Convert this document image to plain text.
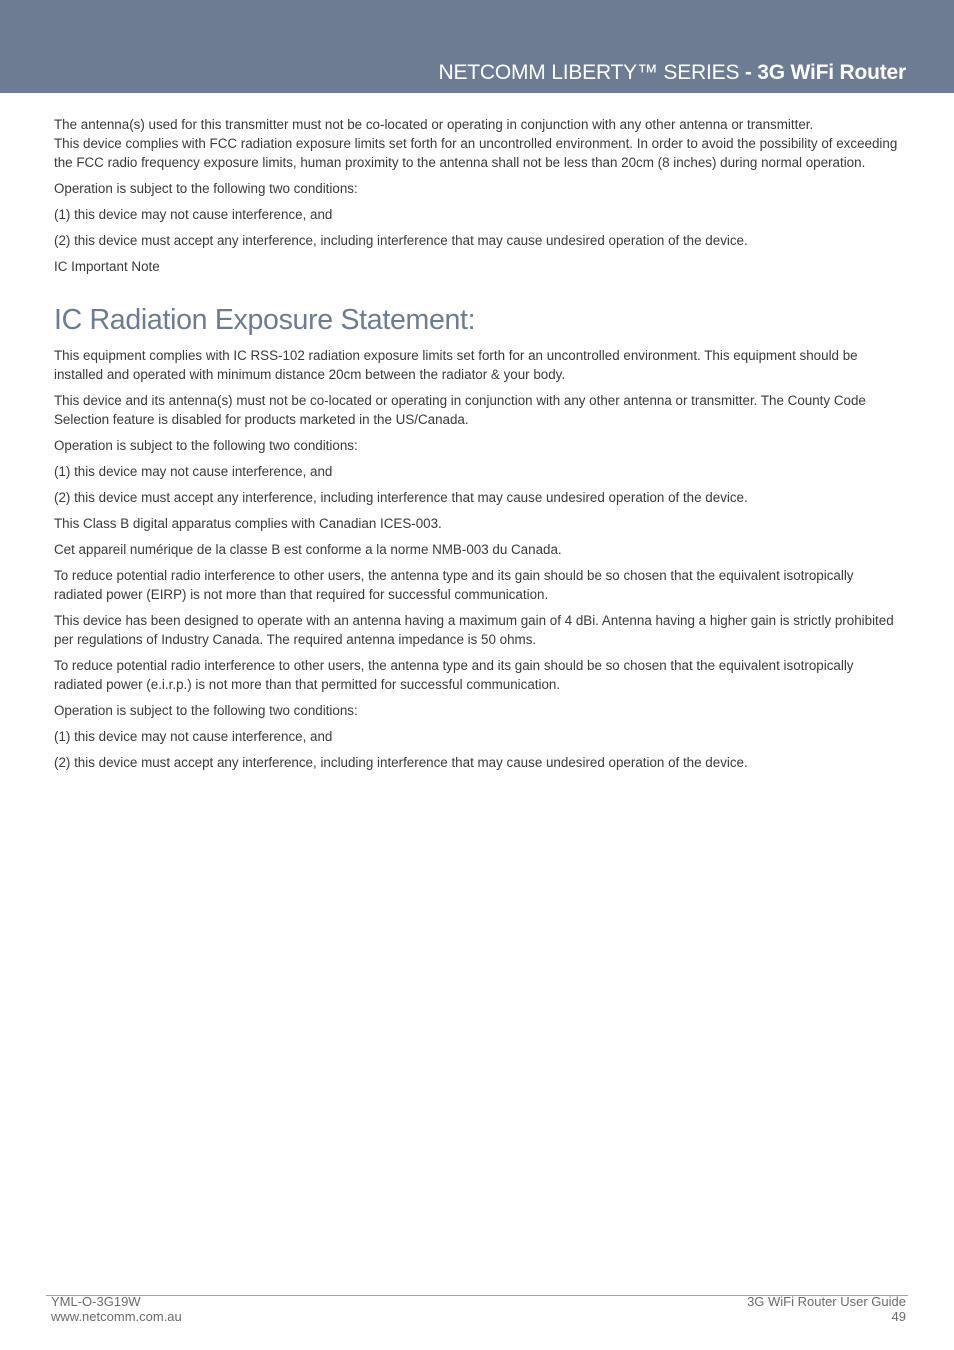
NETCOMM LIBERTY™ SERIES - 3G WiFi Router

The antenna(s) used for this transmitter must not be co-located or operating in conjunction with any other antenna or transmitter.

This device complies with FCC radiation exposure limits set forth for an uncontrolled environment. In order to avoid the possibility of exceeding the FCC radio frequency exposure limits, human proximity to the antenna shall not be less than 20cm (8 inches) during normal operation.

Operation is subject to the following two conditions:

(1) this device may not cause interference, and

(2) this device must accept any interference, including interference that may cause undesired operation of the device.

IC Important Note

IC Radiation Exposure Statement:

This equipment complies with IC RSS-102 radiation exposure limits set forth for an uncontrolled environment. This equipment should be installed and operated with minimum distance 20cm between the radiator & your body.

This device and its antenna(s) must not be co-located or operating in conjunction with any other antenna or transmitter. The County Code Selection feature is disabled for products marketed in the US/Canada.

Operation is subject to the following two conditions:

(1) this device may not cause interference, and

(2) this device must accept any interference, including interference that may cause undesired operation of the device.

This Class B digital apparatus complies with Canadian ICES-003.

Cet appareil numérique de la classe B est conforme a la norme NMB-003 du Canada.

To reduce potential radio interference to other users, the antenna type and its gain should be so chosen that the equivalent isotropically radiated power (EIRP) is not more than that required for successful communication.

This device has been designed to operate with an antenna having a maximum gain of 4 dBi. Antenna having a higher gain is strictly prohibited per regulations of Industry Canada. The required antenna impedance is 50 ohms.

To reduce potential radio interference to other users, the antenna type and its gain should be so chosen that the equivalent isotropically radiated power (e.i.r.p.) is not more than that permitted for successful communication.

Operation is subject to the following two conditions:

(1) this device may not cause interference, and

(2) this device must accept any interference, including interference that may cause undesired operation of the device.

YML-O-3G19W
www.netcomm.com.au
3G WiFi Router User Guide
49
